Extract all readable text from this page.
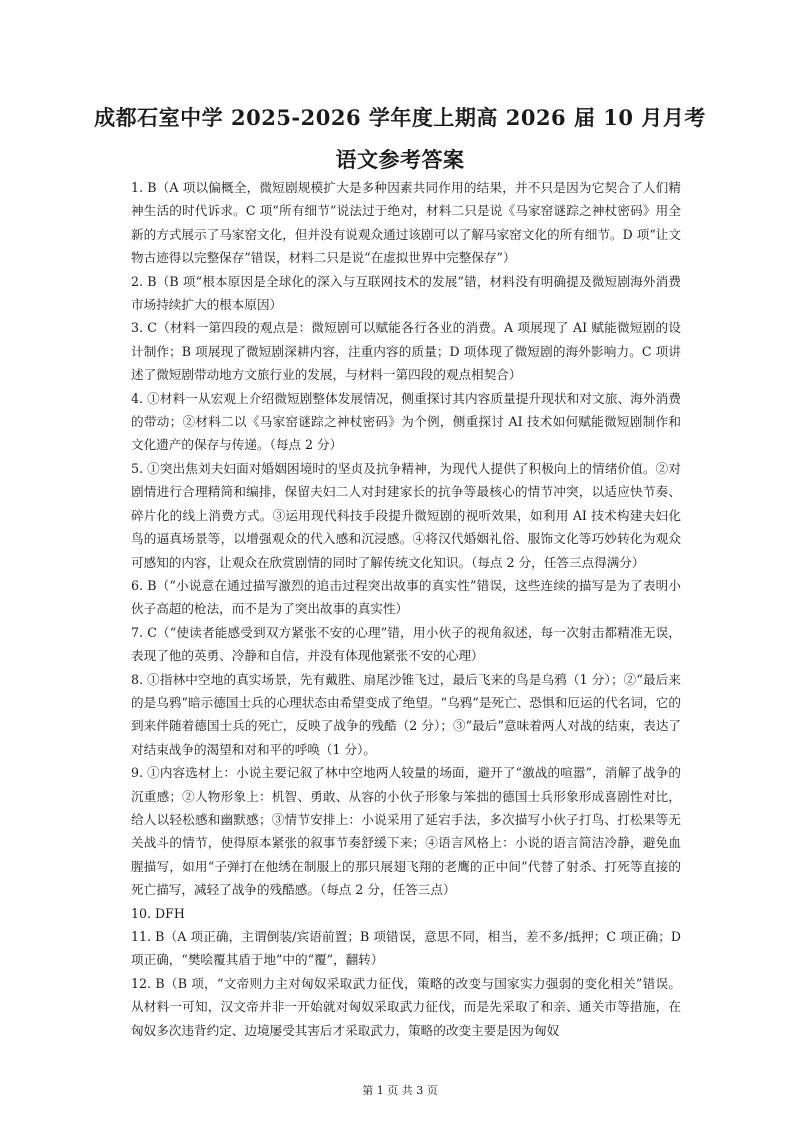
成都石室中学 2025-2026 学年度上期高 2026 届 10 月月考
语文参考答案

1. B（A 项以偏概全，微短剧规模扩大是多种因素共同作用的结果，并不只是因为它契合了人们精神生活的时代诉求。C 项“所有细节”说法过于绝对，材料二只是说《马家窑谜踪之神杖密码》用全新的方式展示了马家窑文化，但并没有说观众通过该剧可以了解马家窑文化的所有细节。D 项“让文物古迹得以完整保存”错误，材料二只是说“在虚拟世界中完整保存”）

2. B（B 项“根本原因是全球化的深入与互联网技术的发展”错，材料没有明确提及微短剧海外消费市场持续扩大的根本原因）

3. C（材料一第四段的观点是：微短剧可以赋能各行各业的消费。A 项展现了 AI 赋能微短剧的设计制作；B 项展现了微短剧深耕内容，注重内容的质量；D 项体现了微短剧的海外影响力。C 项讲述了微短剧带动地方文旅行业的发展，与材料一第四段的观点相契合）

4. ①材料一从宏观上介绍微短剧整体发展情况，侧重探讨其内容质量提升现状和对文旅、海外消费的带动；②材料二以《马家窑谜踪之神杖密码》为个例，侧重探讨 AI 技术如何赋能微短剧制作和文化遗产的保存与传递。（每点 2 分）

5. ①突出焦刘夫妇面对婚姻困境时的坚贞及抗争精神，为现代人提供了积极向上的情绪价值。②对剧情进行合理精简和编排，保留夫妇二人对封建家长的抗争等最核心的情节冲突，以适应快节奏、碎片化的线上消费方式。③运用现代科技手段提升微短剧的视听效果，如利用 AI 技术构建夫妇化鸟的逼真场景等，以增强观众的代入感和沉浸感。④将汉代婚姻礼俗、服饰文化等巧妙转化为观众可感知的内容，让观众在欣赏剧情的同时了解传统文化知识。（每点 2 分，任答三点得满分）

6. B（“小说意在通过描写激烈的追击过程突出故事的真实性”错误，这些连续的描写是为了表明小伙子高超的枪法，而不是为了突出故事的真实性）

7. C（“使读者能感受到双方紧张不安的心理”错，用小伙子的视角叙述，每一次射击都精准无误，表现了他的英勇、冷静和自信，并没有体现他紧张不安的心理）

8. ①指林中空地的真实场景，先有戴胜、扇尾沙锥飞过，最后飞来的鸟是乌鸦（1 分）；②“最后来的是乌鸦”暗示德国士兵的心理状态由希望变成了绝望。“乌鸦”是死亡、恐惧和厄运的代名词，它的到来伴随着德国士兵的死亡，反映了战争的残酷（2 分）；③“最后”意味着两人对战的结束，表达了对结束战争的渴望和对和平的呼唤（1 分）。

9. ①内容选材上：小说主要记叙了林中空地两人较量的场面，避开了“激战的喧嚣”，消解了战争的沉重感；②人物形象上：机智、勇敢、从容的小伙子形象与笨拙的德国士兵形象形成喜剧性对比，给人以轻松感和幽默感；③情节安排上：小说采用了延宕手法，多次描写小伙子打鸟、打松果等无关战斗的情节，使得原本紧张的叙事节奏舒缓下来；④语言风格上：小说的语言简洁冷静，避免血腥描写，如用“子弹打在他绣在制服上的那只展翅飞翔的老鹰的正中间”代替了射杀、打死等直接的死亡描写，减轻了战争的残酷感。（每点 2 分，任答三点）

10. DFH

11. B（A 项正确，主谓倒装/宾语前置；B 项错误，意思不同，相当，差不多/抵押；C 项正确；D 项正确，“樊哙覆其盾于地”中的“覆”，翻转）

12. B（B 项，“文帝则力主对匈奴采取武力征伐，策略的改变与国家实力强弱的变化相关”错误。从材料一可知，汉文帝并非一开始就对匈奴采取武力征伐，而是先采取了和亲、通关市等措施，在匈奴多次违背约定、边境屡受其害后才采取武力，策略的改变主要是因为匈奴

第 1 页 共 3 页
